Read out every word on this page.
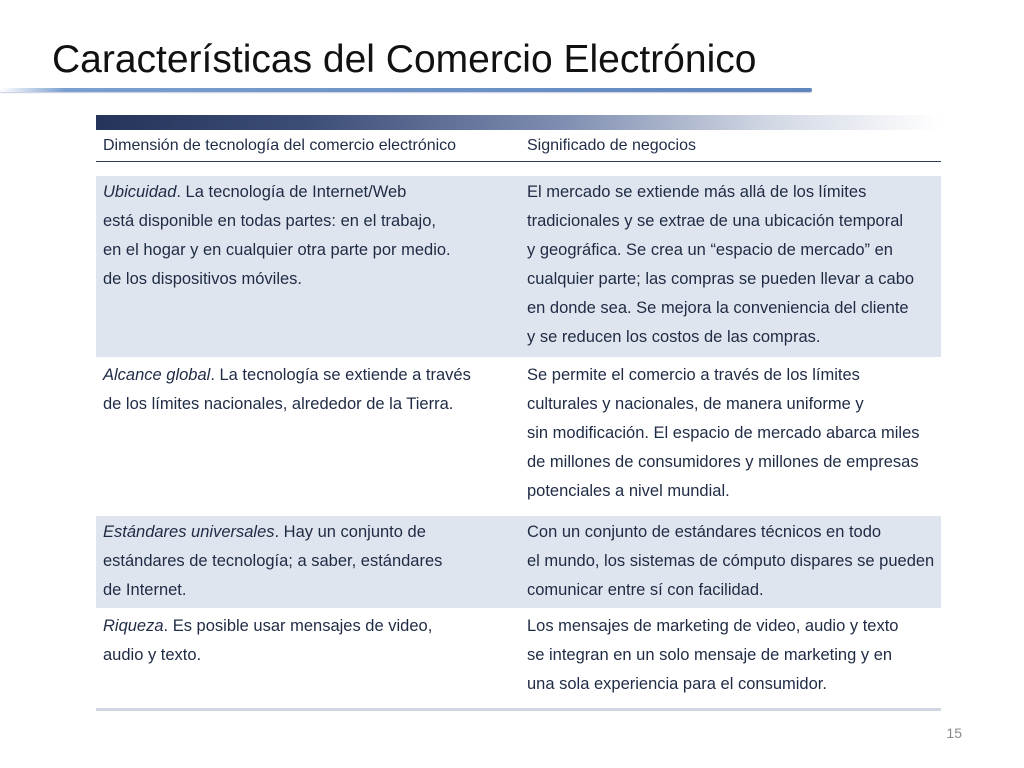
Características del Comercio Electrónico
Dimensión de tecnología del comercio electrónico	Significado de negocios
Ubicuidad. La tecnología de Internet/Web
está disponible en todas partes: en el trabajo,
en el hogar y en cualquier otra parte por medio.
de los dispositivos móviles.
El mercado se extiende más allá de los límites
tradicionales y se extrae de una ubicación temporal
y geográfica. Se crea un “espacio de mercado” en
cualquier parte; las compras se pueden llevar a cabo
en donde sea. Se mejora la conveniencia del cliente
y se reducen los costos de las compras.
Alcance global. La tecnología se extiende a través
de los límites nacionales, alrededor de la Tierra.
Se permite el comercio a través de los límites
culturales y nacionales, de manera uniforme y
sin modificación. El espacio de mercado abarca miles
de millones de consumidores y millones de empresas
potenciales a nivel mundial.
Estándares universales. Hay un conjunto de
estándares de tecnología; a saber, estándares
de Internet.
Con un conjunto de estándares técnicos en todo
el mundo, los sistemas de cómputo dispares se pueden
comunicar entre sí con facilidad.
Riqueza. Es posible usar mensajes de video,
audio y texto.
Los mensajes de marketing de video, audio y texto
se integran en un solo mensaje de marketing y en
una sola experiencia para el consumidor.
15
